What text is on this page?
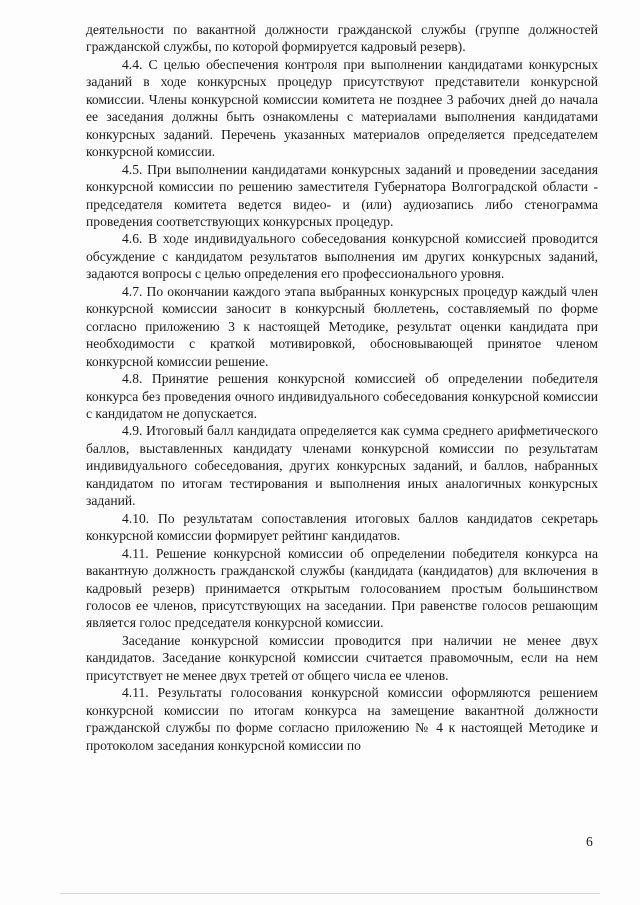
деятельности по вакантной должности гражданской службы (группе должностей гражданской службы, по которой формируется кадровый резерв).

4.4. С целью обеспечения контроля при выполнении кандидатами конкурсных заданий в ходе конкурсных процедур присутствуют представители конкурсной комиссии. Члены конкурсной комиссии комитета не позднее 3 рабочих дней до начала ее заседания должны быть ознакомлены с материалами выполнения кандидатами конкурсных заданий. Перечень указанных материалов определяется председателем конкурсной комиссии.

4.5. При выполнении кандидатами конкурсных заданий и проведении заседания конкурсной комиссии по решению заместителя Губернатора Волгоградской области - председателя комитета ведется видео- и (или) аудиозапись либо стенограмма проведения соответствующих конкурсных процедур.

4.6. В ходе индивидуального собеседования конкурсной комиссией проводится обсуждение с кандидатом результатов выполнения им других конкурсных заданий, задаются вопросы с целью определения его профессионального уровня.

4.7. По окончании каждого этапа выбранных конкурсных процедур каждый член конкурсной комиссии заносит в конкурсный бюллетень, составляемый по форме согласно приложению 3 к настоящей Методике, результат оценки кандидата при необходимости с краткой мотивировкой, обосновывающей принятое членом конкурсной комиссии решение.

4.8. Принятие решения конкурсной комиссией об определении победителя конкурса без проведения очного индивидуального собеседования конкурсной комиссии с кандидатом не допускается.

4.9. Итоговый балл кандидата определяется как сумма среднего арифметического баллов, выставленных кандидату членами конкурсной комиссии по результатам индивидуального собеседования, других конкурсных заданий, и баллов, набранных кандидатом по итогам тестирования и выполнения иных аналогичных конкурсных заданий.

4.10. По результатам сопоставления итоговых баллов кандидатов секретарь конкурсной комиссии формирует рейтинг кандидатов.

4.11. Решение конкурсной комиссии об определении победителя конкурса на вакантную должность гражданской службы (кандидата (кандидатов) для включения в кадровый резерв) принимается открытым голосованием простым большинством голосов ее членов, присутствующих на заседании. При равенстве голосов решающим является голос председателя конкурсной комиссии.

Заседание конкурсной комиссии проводится при наличии не менее двух кандидатов. Заседание конкурсной комиссии считается правомочным, если на нем присутствует не менее двух третей от общего числа ее членов.

4.11. Результаты голосования конкурсной комиссии оформляются решением конкурсной комиссии по итогам конкурса на замещение вакантной должности гражданской службы по форме согласно приложению № 4 к настоящей Методике и протоколом заседания конкурсной комиссии по

6
